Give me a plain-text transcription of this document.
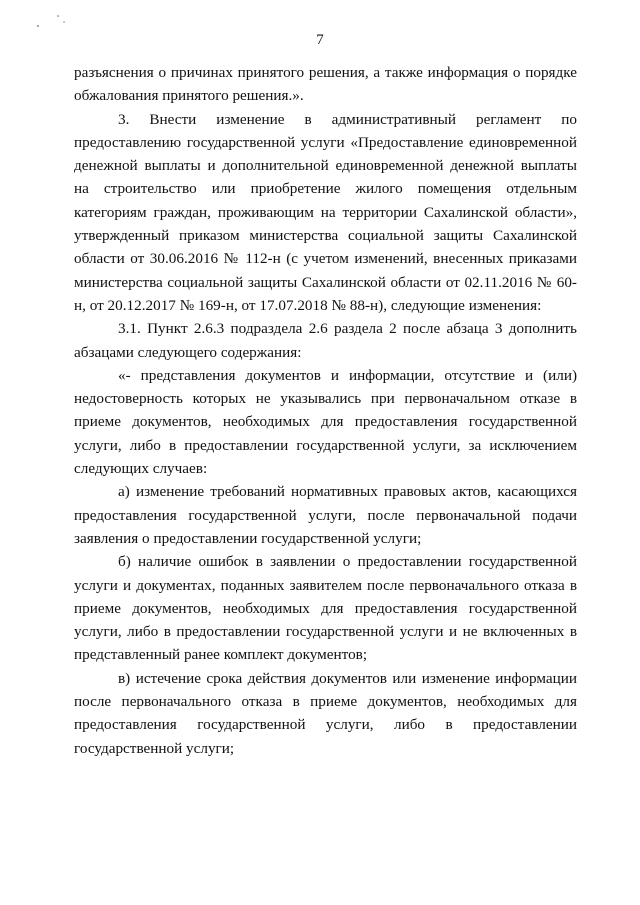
7

разъяснения о причинах принятого решения, а также информация о порядке обжалования принятого решения.».

3. Внести изменение в административный регламент по предоставлению государственной услуги «Предоставление единовременной денежной выплаты и дополнительной единовременной денежной выплаты на строительство или приобретение жилого помещения отдельным категориям граждан, проживающим на территории Сахалинской области», утвержденный приказом министерства социальной защиты Сахалинской области от 30.06.2016 № 112-н (с учетом изменений, внесенных приказами министерства социальной защиты Сахалинской области от 02.11.2016 № 60-н, от 20.12.2017 № 169-н, от 17.07.2018 № 88-н), следующие изменения:

3.1. Пункт 2.6.3 подраздела 2.6 раздела 2 после абзаца 3 дополнить абзацами следующего содержания:

«- представления документов и информации, отсутствие и (или) недостоверность которых не указывались при первоначальном отказе в приеме документов, необходимых для предоставления государственной услуги, либо в предоставлении государственной услуги, за исключением следующих случаев:

а) изменение требований нормативных правовых актов, касающихся предоставления государственной услуги, после первоначальной подачи заявления о предоставлении государственной услуги;

б) наличие ошибок в заявлении о предоставлении государственной услуги и документах, поданных заявителем после первоначального отказа в приеме документов, необходимых для предоставления государственной услуги, либо в предоставлении государственной услуги и не включенных в представленный ранее комплект документов;

в) истечение срока действия документов или изменение информации после первоначального отказа в приеме документов, необходимых для предоставления государственной услуги, либо в предоставлении государственной услуги;
